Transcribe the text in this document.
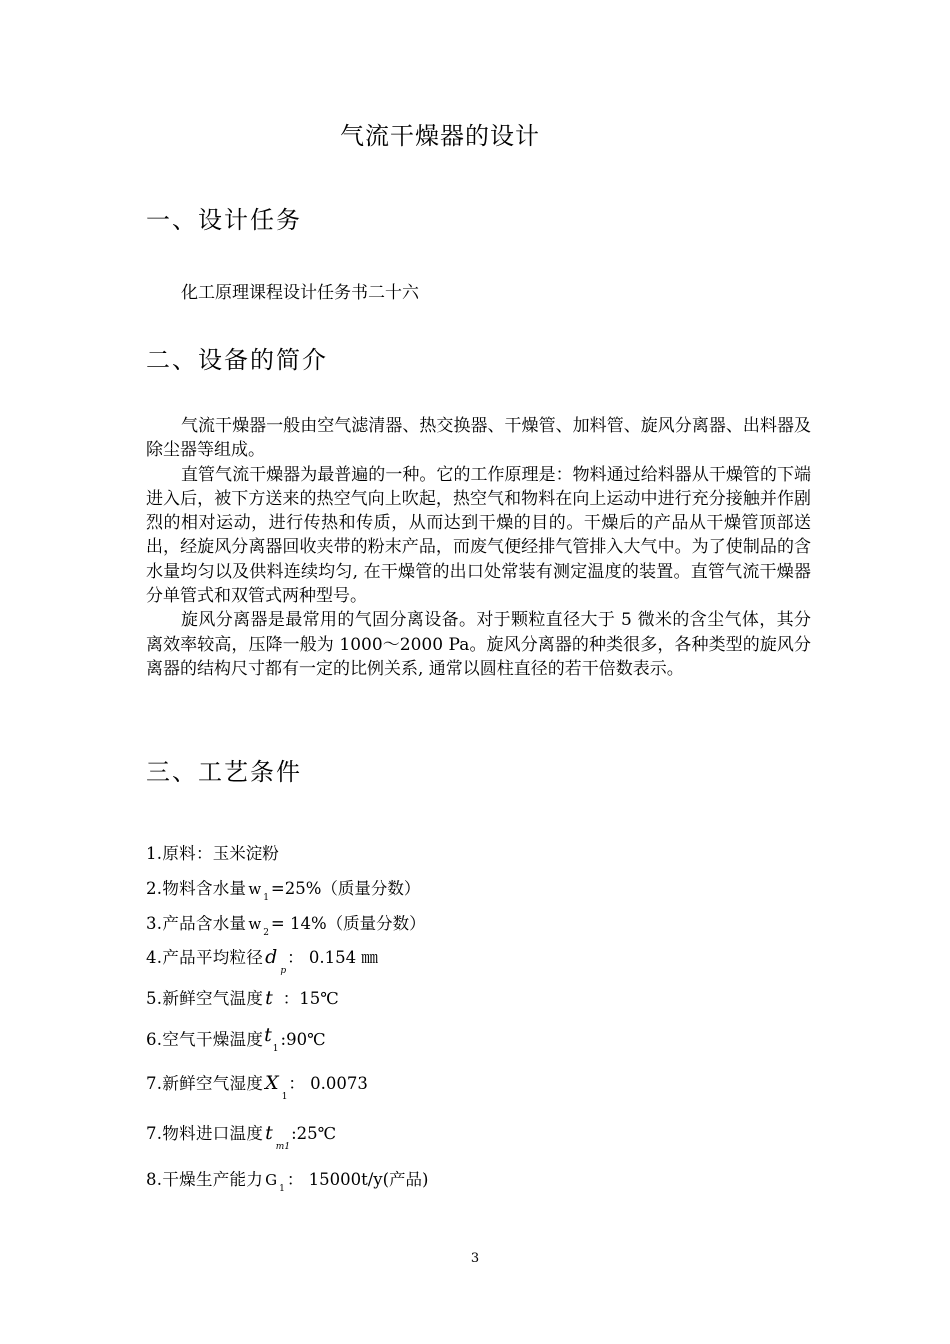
气流干燥器的设计
一、设计任务
化工原理课程设计任务书二十六
二、设备的简介

气流干燥器一般由空气滤清器、热交换器、干燥管、加料管、旋风分离器、出料器及除尘器等组成。

直管气流干燥器为最普遍的一种。它的工作原理是：物料通过给料器从干燥管的下端进入后，被下方送来的热空气向上吹起，热空气和物料在向上运动中进行充分接触并作剧烈的相对运动，进行传热和传质，从而达到干燥的目的。干燥后的产品从干燥管顶部送出，经旋风分离器回收夹带的粉末产品，而废气便经排气管排入大气中。为了使制品的含水量均匀以及供料连续均匀, 在干燥管的出口处常装有测定温度的装置。直管气流干燥器分单管式和双管式两种型号。

旋风分离器是最常用的气固分离设备。对于颗粒直径大于 5 微米的含尘气体，其分离效率较高，压降一般为 1000～2000 Pa。旋风分离器的种类很多，各种类型的旋风分离器的结构尺寸都有一定的比例关系, 通常以圆柱直径的若干倍数表示。

三、工艺条件
1.原料：玉米淀粉
2.物料含水量 w $_1$ =25%（质量分数）
3.产品含水量 w $_2$ = 14%（质量分数）
4.产品平均粒径 $d_p$： 0.154 ㎜
5.新鲜空气温度 t ：15℃
6.空气干燥温度$t_1$ :90℃
7.新鲜空气湿度 $X_1$： 0.0073
7.物料进口温度 $t_{m1}:25℃$
8.干燥生产能力 G $_1$ ： 15000t/y(产品)
3
